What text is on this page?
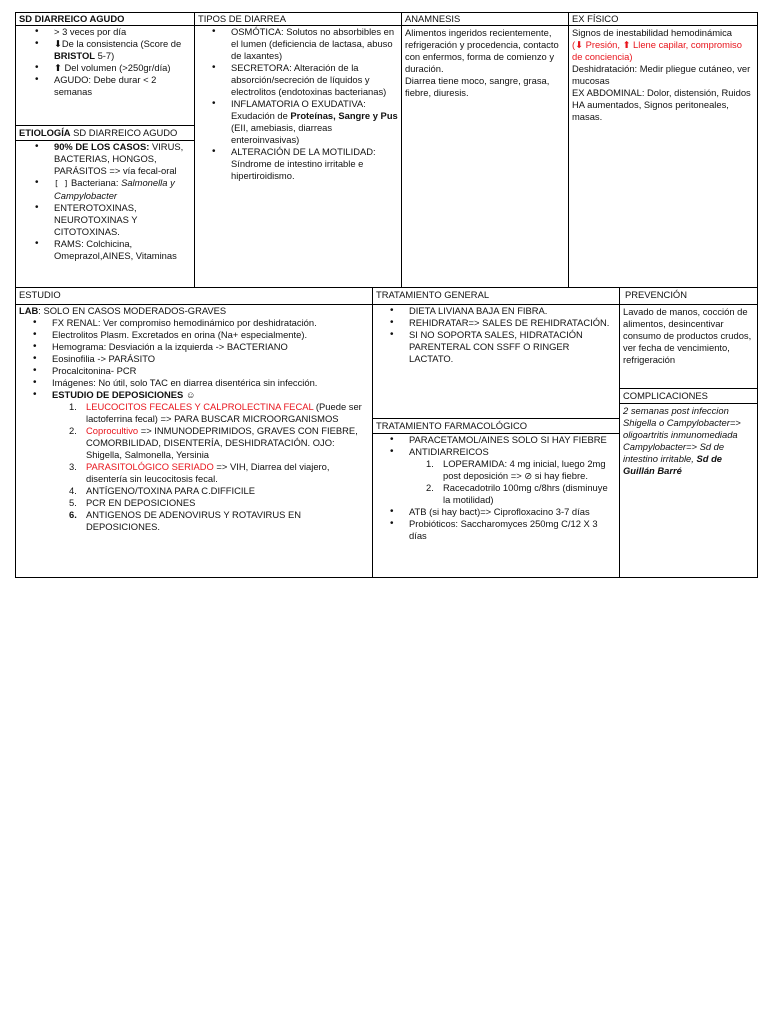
SD DIARREICO AGUDO
• > 3 veces por día
• ⬇De la consistencia (Score de BRISTOL 5-7)
• ⬆ Del volumen (>250gr/día)
• AGUDO: Debe durar < 2 semanas
ETIOLOGÍA SD DIARREICO AGUDO
• 90% DE LOS CASOS: VIRUS, BACTERIAS, HONGOS, PARÁSITOS => vía fecal-oral
• [ ] Bacteriana: Salmonella y Campylobacter
• ENTEROTOXINAS, NEUROTOXINAS Y CITOTOXINAS.
• RAMS: Colchicina, Omeprazol,AINES, Vitaminas
TIPOS DE DIARREA
• OSMÓTICA: Solutos no absorbibles en el lumen (deficiencia de lactasa, abuso de laxantes)
• SECRETORA: Alteración de la absorción/secreción de líquidos y electrolitos (endotoxinas bacterianas)
• INFLAMATORIA O EXUDATIVA: Exudación de Proteínas, Sangre y Pus (EII, amebiasis, diarreas enteroinvasivas)
• ALTERACIÓN DE LA MOTILIDAD: Síndrome de intestino irritable e hipertiroidismo.
ANAMNESIS

Alimentos ingeridos recientemente, refrigeración y procedencia, contacto con enfermos, forma de comienzo y duración.

Diarrea tiene moco, sangre, grasa, fiebre, diuresis.

EX FÍSICO

Signos de inestabilidad hemodinámica

(⬇ Presión, ⬆ Llene capilar, compromiso de conciencia)

Deshidratación: Medir pliegue cutáneo, ver mucosas

EX ABDOMINAL: Dolor, distensión, Ruidos HA aumentados, Signos peritoneales, masas.

ESTUDIO
LAB: SOLO EN CASOS MODERADOS-GRAVES
• FX RENAL: Ver compromiso hemodinámico por deshidratación.
• Electrolitos Plasm. Excretados en orina (Na+ especialmente).
• Hemograma: Desviación a la izquierda -> BACTERIANO
• Eosinofilia -> PARÁSITO
• Procalcitonina- PCR
• Imágenes: No útil, solo TAC en diarrea disentérica sin infección.
• ESTUDIO DE DEPOSICIONES ☺
LEUCOCITOS FECALES Y CALPROLECTINA FECAL (Puede ser lactoferrina fecal) => PARA BUSCAR MICROORGANISMOS
Coprocultivo => INMUNODEPRIMIDOS, GRAVES CON FIEBRE, COMORBILIDAD, DISENTERÍA, DESHIDRATACIÓN. OJO: Shigella, Salmonella, Yersinia
PARASITOLÓGICO SERIADO => VIH, Diarrea del viajero, disentería sin leucocitosis fecal.
ANTÍGENO/TOXINA PARA C.DIFFICILE
PCR EN DEPOSICIONES
ANTIGENOS DE ADENOVIRUS Y ROTAVIRUS EN DEPOSICIONES.
TRATAMIENTO GENERAL
• DIETA LIVIANA BAJA EN FIBRA.
• REHIDRATAR=> SALES DE REHIDRATACIÓN.
• SI NO SOPORTA SALES, HIDRATACIÓN PARENTERAL CON SSFF O RINGER LACTATO.
TRATAMIENTO FARMACOLÓGICO
• PARACETAMOL/AINES SOLO SI HAY FIEBRE
• ANTIDIARREICOS
LOPERAMIDA: 4 mg inicial, luego 2mg post deposición => ⊘ si hay fiebre.
Racecadotrilo 100mg c/8hrs (disminuye la motilidad)
• ATB (si hay bact)=> Ciprofloxacino 3-7 días
• Probióticos: Saccharomyces 250mg C/12 X 3 días
PREVENCIÓN

Lavado de manos, cocción de alimentos, desincentivar consumo de productos crudos, ver fecha de vencimiento, refrigeración

COMPLICACIONES

2 semanas post infeccion Shigella o Campylobacter=> oligoartritis inmunomediada Campylobacter=> Sd de intestino irritable, Sd de Guillán Barré
